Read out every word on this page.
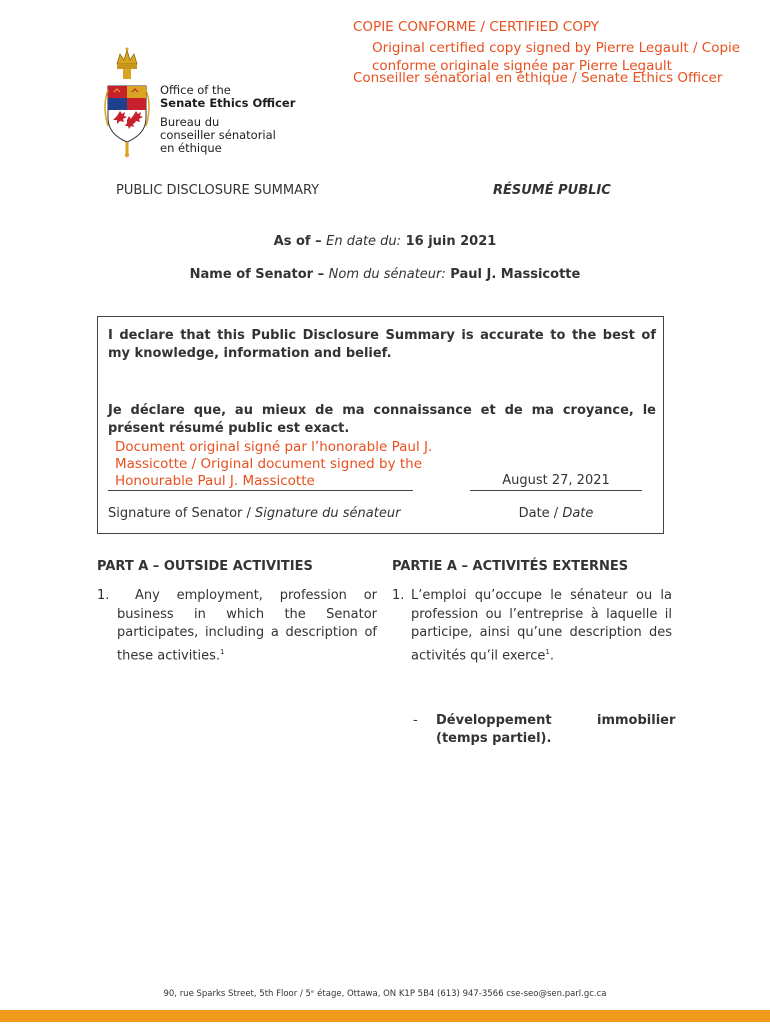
COPIE CONFORME / CERTIFIED COPY
Original certified copy signed by Pierre Legault / Copie
conforme originale signée par Pierre Legault
Conseiller sénatorial en éthique / Senate Ethics Officer
Office of the
Senate Ethics Officer
Bureau du
conseiller sénatorial
en éthique
PUBLIC DISCLOSURE SUMMARY	RÉSUMÉ PUBLIC
As of – En date du: 16 juin 2021
Name of Senator – Nom du sénateur: Paul J. Massicotte
I declare that this Public Disclosure Summary is accurate to the best of my knowledge, information and belief.
Je déclare que, au mieux de ma connaissance et de ma croyance, le présent résumé public est exact.
Document original signé par l’honorable Paul J.
Massicotte / Original document signed by the
Honourable Paul J. Massicotte	August 27, 2021
Signature of Senator / Signature du sénateur	Date / Date
PART A – OUTSIDE ACTIVITIES	PARTIE A – ACTIVITÉS EXTERNES
1.	Any employment, profession or business in which the Senator participates, including a description of these activities.$^1$
1. L’emploi qu’occupe le sénateur ou la profession ou l’entreprise à laquelle il participe, ainsi qu’une description des activités qu’il exerce$^1$.
- Développement	immobilier
(temps partiel).
90, rue Sparks Street, 5th Floor / 5ᵉ étage, Ottawa, ON K1P 5B4 (613) 947-3566 cse-seo@sen.parl.gc.ca
